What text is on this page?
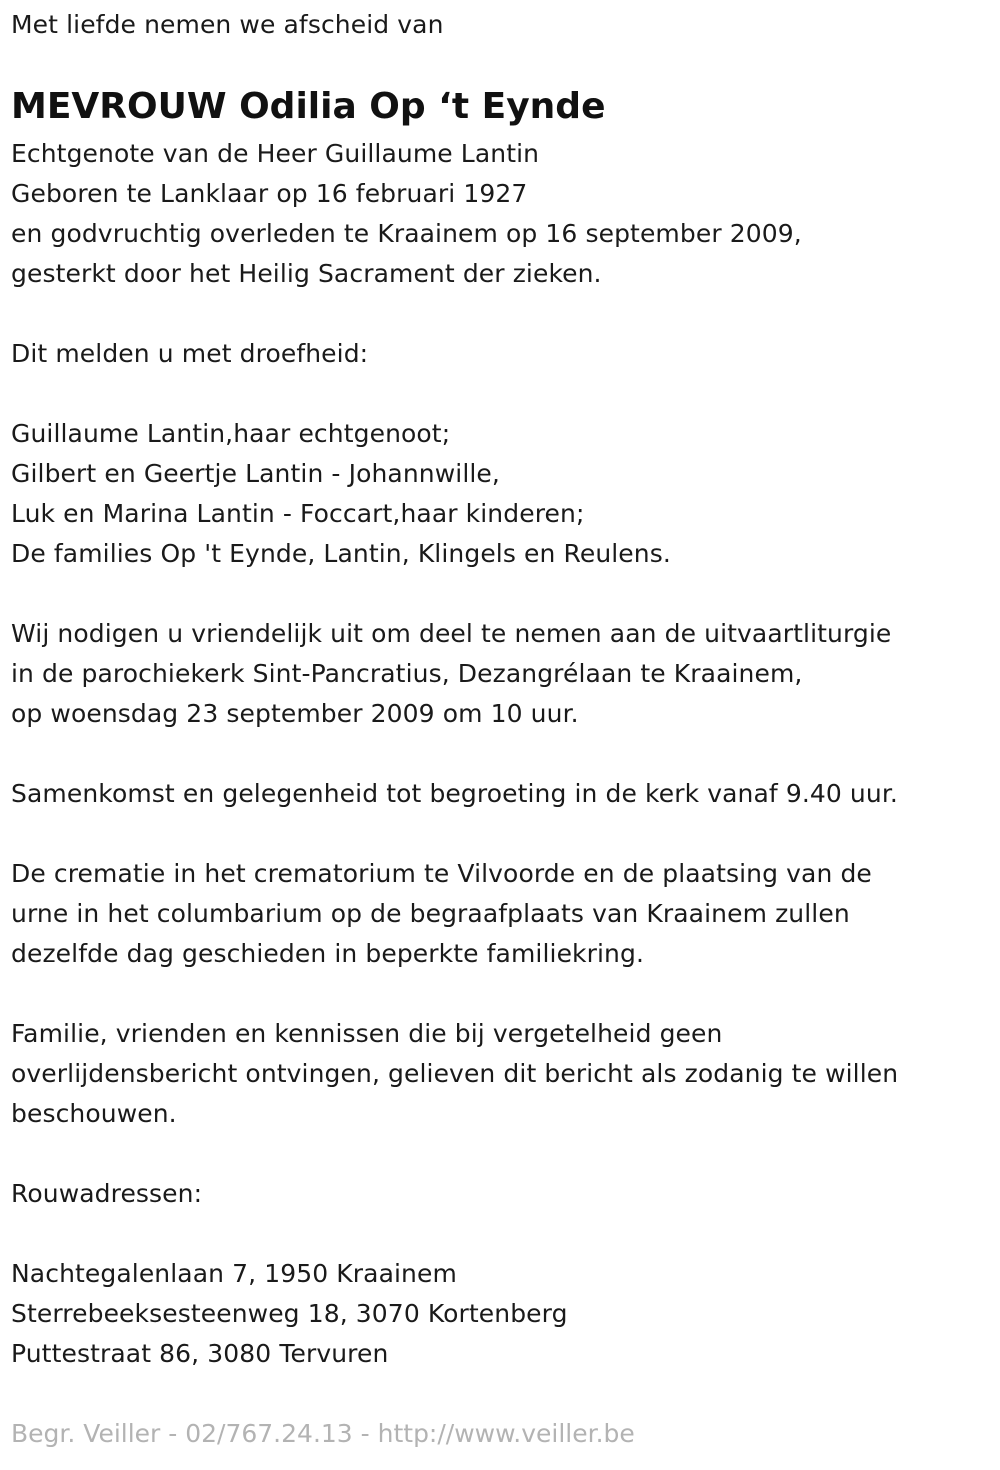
Met liefde nemen we afscheid van
MEVROUW Odilia Op ‘t Eynde
Echtgenote van de Heer Guillaume Lantin
Geboren te Lanklaar op 16 februari 1927
en godvruchtig overleden te Kraainem op 16 september 2009,
gesterkt door het Heilig Sacrament der zieken.
Dit melden u met droefheid:
Guillaume Lantin,haar echtgenoot;
Gilbert en Geertje Lantin - Johannwille,
Luk en Marina Lantin - Foccart,haar kinderen;
De families Op 't Eynde, Lantin, Klingels en Reulens.
Wij nodigen u vriendelijk uit om deel te nemen aan de uitvaartliturgie
in de parochiekerk Sint-Pancratius, Dezangrélaan te Kraainem,
op woensdag 23 september 2009 om 10 uur.
Samenkomst en gelegenheid tot begroeting in de kerk vanaf 9.40 uur.
De crematie in het crematorium te Vilvoorde en de plaatsing van de
urne in het columbarium op de begraafplaats van Kraainem zullen
dezelfde dag geschieden in beperkte familiekring.
Familie, vrienden en kennissen die bij vergetelheid geen
overlijdensbericht ontvingen, gelieven dit bericht als zodanig te willen
beschouwen.
Rouwadressen:
Nachtegalenlaan 7, 1950 Kraainem
Sterrebeeksesteenweg 18, 3070 Kortenberg
Puttestraat 86, 3080 Tervuren
Begr. Veiller - 02/767.24.13 - http://www.veiller.be
